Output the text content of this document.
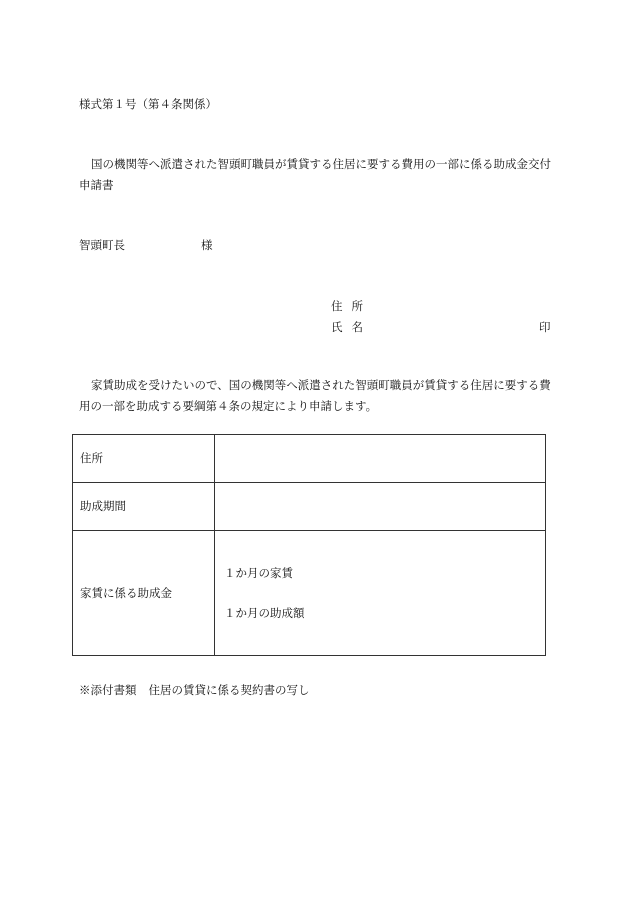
様式第１号（第４条関係）
国の機関等へ派遣された智頭町職員が賃貸する住居に要する費用の一部に係る助成金交付申請書
智頭町長	様
住所
氏名	印
家賃助成を受けたいので、国の機関等へ派遣された智頭町職員が賃貸する住居に要する費用の一部を助成する要綱第４条の規定により申請します。
住所	
助成期間	
家賃に係る助成金	１か月の家賃
１か月の助成額
※添付書類 住居の賃貸に係る契約書の写し
